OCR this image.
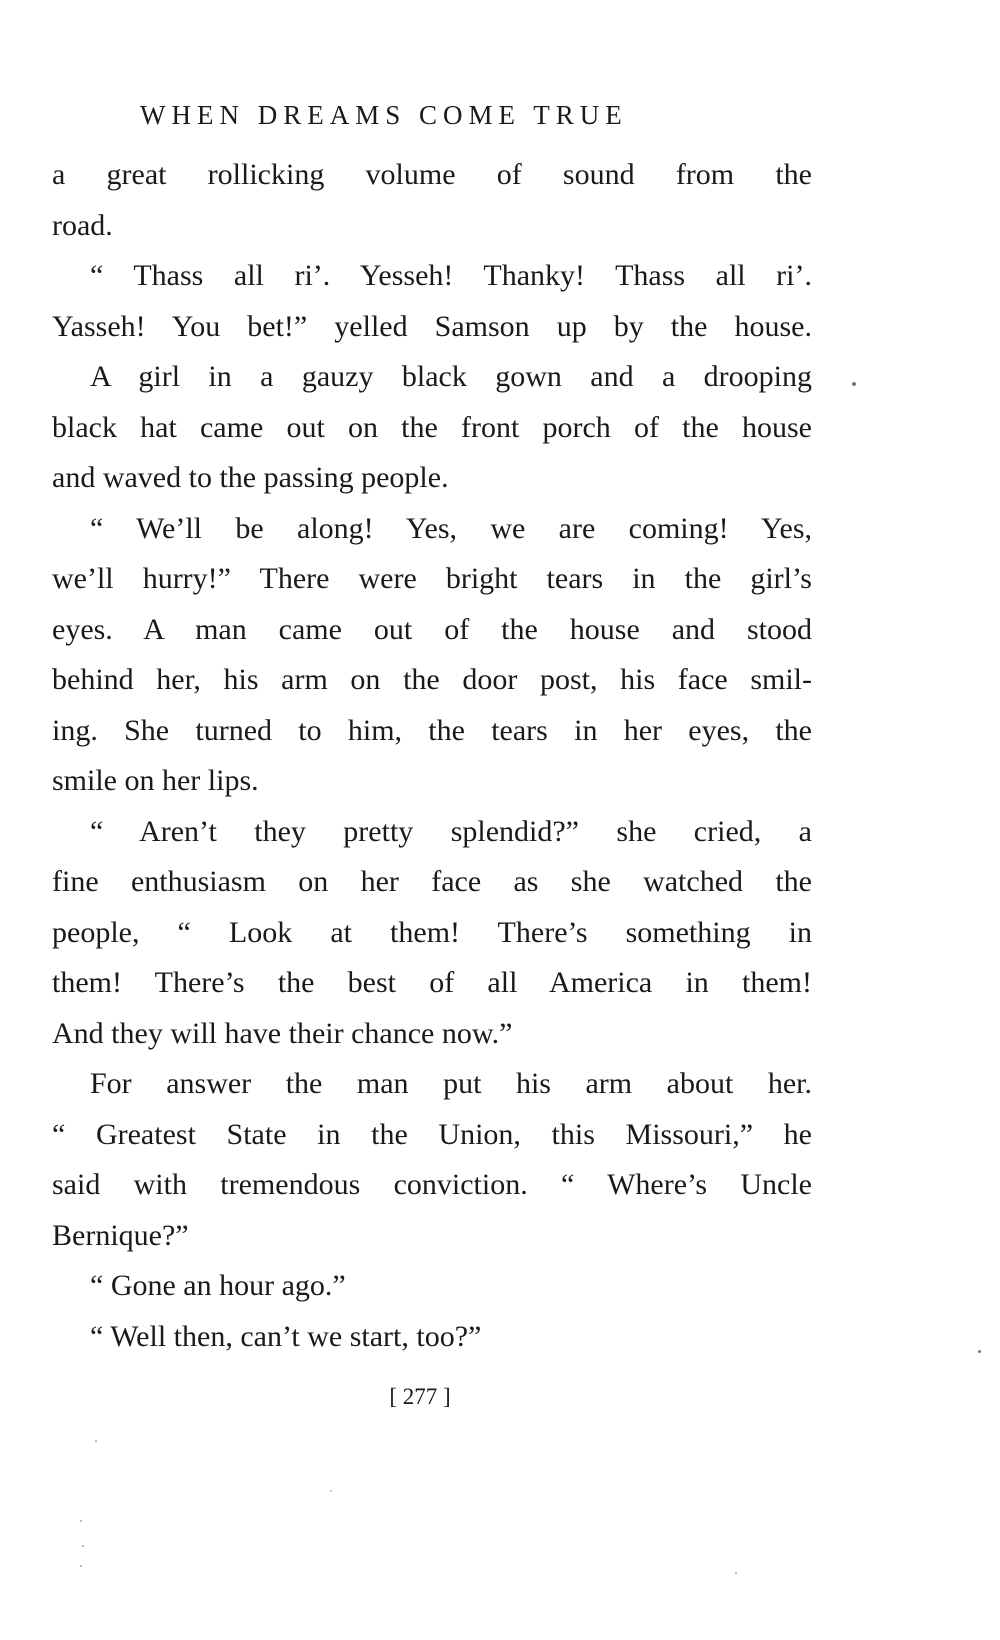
WHEN DREAMS COME TRUE
a great rollicking volume of sound from the
road.
“ Thass all ri’. Yesseh! Thanky! Thass all ri’.
Yasseh! You bet!” yelled Samson up by the house.
A girl in a gauzy black gown and a drooping
black hat came out on the front porch of the house
and waved to the passing people.
“ We’ll be along! Yes, we are coming! Yes,
we’ll hurry!” There were bright tears in the girl’s
eyes. A man came out of the house and stood
behind her, his arm on the door post, his face smil-
ing. She turned to him, the tears in her eyes, the
smile on her lips.
“ Aren’t they pretty splendid?” she cried, a
fine enthusiasm on her face as she watched the
people, “ Look at them! There’s something in
them! There’s the best of all America in them!
And they will have their chance now.”
For answer the man put his arm about her.
“ Greatest State in the Union, this Missouri,” he
said with tremendous conviction. “ Where’s Uncle
Bernique?”
“ Gone an hour ago.”
“ Well then, can’t we start, too?”
[ 277 ]
